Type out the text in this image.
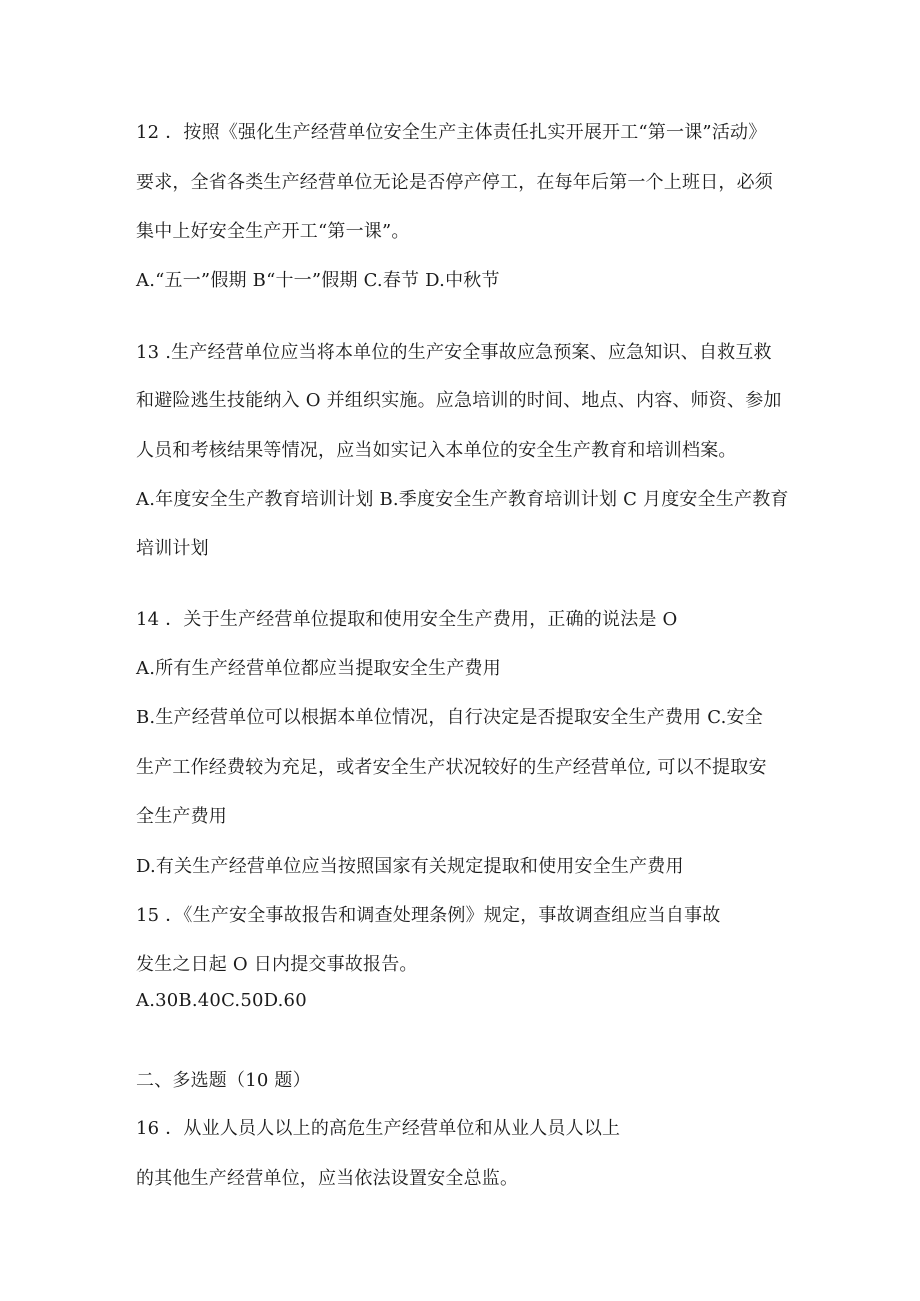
12 ．按照《强化生产经营单位安全生产主体责任扎实开展开工“第一课”活动》
要求，全省各类生产经营单位无论是否停产停工，在每年后第一个上班日，必须
集中上好安全生产开工“第一课”。
A.“五一”假期 B“十一”假期 C.春节 D.中秋节
13 .生产经营单位应当将本单位的生产安全事故应急预案、应急知识、自救互救
和避险逃生技能纳入 O 并组织实施。应急培训的时间、地点、内容、师资、参加
人员和考核结果等情况，应当如实记入本单位的安全生产教育和培训档案。
A.年度安全生产教育培训计划 B.季度安全生产教育培训计划 C 月度安全生产教育
培训计划
14 ．关于生产经营单位提取和使用安全生产费用，正确的说法是 O
A.所有生产经营单位都应当提取安全生产费用
B.生产经营单位可以根据本单位情况，自行决定是否提取安全生产费用 C.安全
生产工作经费较为充足，或者安全生产状况较好的生产经营单位, 可以不提取安
全生产费用
D.有关生产经营单位应当按照国家有关规定提取和使用安全生产费用
15 ．《生产安全事故报告和调查处理条例》规定，事故调查组应当自事故
发生之日起 O 日内提交事故报告。
A.30B.40C.50D.60
二、多选题（10 题）
16 ．从业人员人以上的高危生产经营单位和从业人员人以上
的其他生产经营单位，应当依法设置安全总监。
